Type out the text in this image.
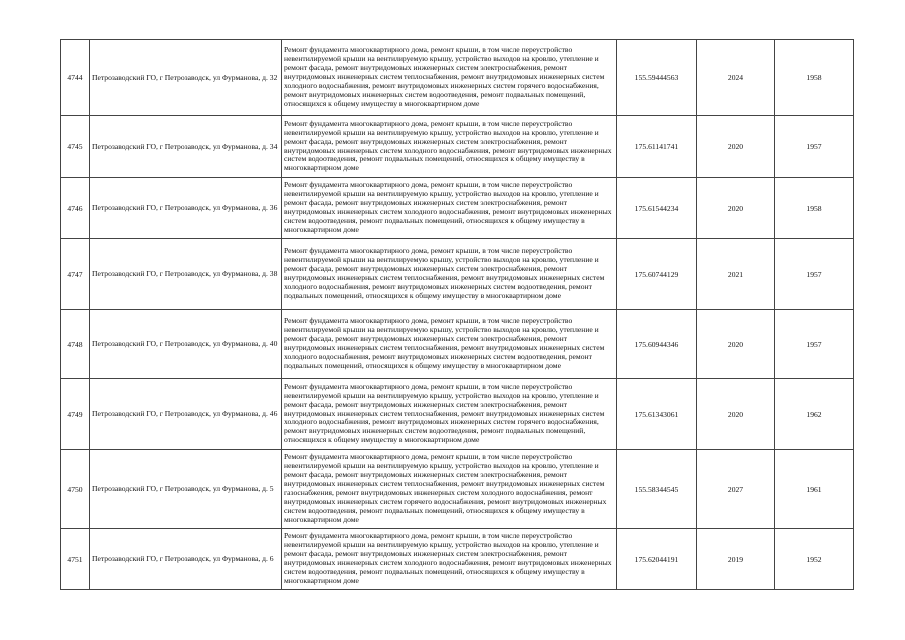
4744	Петрозаводский ГО, г Петрозаводск, ул Фурманова, д. 32	Ремонт фундамента многоквартирного дома, ремонт крыши, в том числе переустройство невентилируемой крыши на вентилируемую крышу, устройство выходов на кровлю, утепление и ремонт фасада, ремонт внутридомовых инженерных систем электроснабжения, ремонт внутридомовых инженерных систем теплоснабжения, ремонт внутридомовых инженерных систем холодного водоснабжения, ремонт внутридомовых инженерных систем горячего водоснабжения, ремонт внутридомовых инженерных систем водоотведения, ремонт подвальных помещений, относящихся к общему имуществу в многоквартирном доме	155.59444563	2024	1958
4745	Петрозаводский ГО, г Петрозаводск, ул Фурманова, д. 34	Ремонт фундамента многоквартирного дома, ремонт крыши, в том числе переустройство невентилируемой крыши на вентилируемую крышу, устройство выходов на кровлю, утепление и ремонт фасада, ремонт внутридомовых инженерных систем электроснабжения, ремонт внутридомовых инженерных систем холодного водоснабжения, ремонт внутридомовых инженерных систем водоотведения, ремонт подвальных помещений, относящихся к общему имуществу в многоквартирном доме	175.61141741	2020	1957
4746	Петрозаводский ГО, г Петрозаводск, ул Фурманова, д. 36	Ремонт фундамента многоквартирного дома, ремонт крыши, в том числе переустройство невентилируемой крыши на вентилируемую крышу, устройство выходов на кровлю, утепление и ремонт фасада, ремонт внутридомовых инженерных систем электроснабжения, ремонт внутридомовых инженерных систем холодного водоснабжения, ремонт внутридомовых инженерных систем водоотведения, ремонт подвальных помещений, относящихся к общему имуществу в многоквартирном доме	175.61544234	2020	1958
4747	Петрозаводский ГО, г Петрозаводск, ул Фурманова, д. 38	Ремонт фундамента многоквартирного дома, ремонт крыши, в том числе переустройство невентилируемой крыши на вентилируемую крышу, устройство выходов на кровлю, утепление и ремонт фасада, ремонт внутридомовых инженерных систем электроснабжения, ремонт внутридомовых инженерных систем теплоснабжения, ремонт внутридомовых инженерных систем холодного водоснабжения, ремонт внутридомовых инженерных систем водоотведения, ремонт подвальных помещений, относящихся к общему имуществу в многоквартирном доме	175.60744129	2021	1957
4748	Петрозаводский ГО, г Петрозаводск, ул Фурманова, д. 40	Ремонт фундамента многоквартирного дома, ремонт крыши, в том числе переустройство невентилируемой крыши на вентилируемую крышу, устройство выходов на кровлю, утепление и ремонт фасада, ремонт внутридомовых инженерных систем электроснабжения, ремонт внутридомовых инженерных систем теплоснабжения, ремонт внутридомовых инженерных систем холодного водоснабжения, ремонт внутридомовых инженерных систем водоотведения, ремонт подвальных помещений, относящихся к общему имуществу в многоквартирном доме	175.60944346	2020	1957
4749	Петрозаводский ГО, г Петрозаводск, ул Фурманова, д. 46	Ремонт фундамента многоквартирного дома, ремонт крыши, в том числе переустройство невентилируемой крыши на вентилируемую крышу, устройство выходов на кровлю, утепление и ремонт фасада, ремонт внутридомовых инженерных систем электроснабжения, ремонт внутридомовых инженерных систем теплоснабжения, ремонт внутридомовых инженерных систем холодного водоснабжения, ремонт внутридомовых инженерных систем горячего водоснабжения, ремонт внутридомовых инженерных систем водоотведения, ремонт подвальных помещений, относящихся к общему имуществу в многоквартирном доме	175.61343061	2020	1962
4750	Петрозаводский ГО, г Петрозаводск, ул Фурманова, д. 5	Ремонт фундамента многоквартирного дома, ремонт крыши, в том числе переустройство невентилируемой крыши на вентилируемую крышу, устройство выходов на кровлю, утепление и ремонт фасада, ремонт внутридомовых инженерных систем электроснабжения, ремонт внутридомовых инженерных систем теплоснабжения, ремонт внутридомовых инженерных систем газоснабжения, ремонт внутридомовых инженерных систем холодного водоснабжения, ремонт внутридомовых инженерных систем горячего водоснабжения, ремонт внутридомовых инженерных систем водоотведения, ремонт подвальных помещений, относящихся к общему имуществу в многоквартирном доме	155.58344545	2027	1961
4751	Петрозаводский ГО, г Петрозаводск, ул Фурманова, д. 6	Ремонт фундамента многоквартирного дома, ремонт крыши, в том числе переустройство невентилируемой крыши на вентилируемую крышу, устройство выходов на кровлю, утепление и ремонт фасада, ремонт внутридомовых инженерных систем электроснабжения, ремонт внутридомовых инженерных систем холодного водоснабжения, ремонт внутридомовых инженерных систем водоотведения, ремонт подвальных помещений, относящихся к общему имуществу в многоквартирном доме	175.62044191	2019	1952
